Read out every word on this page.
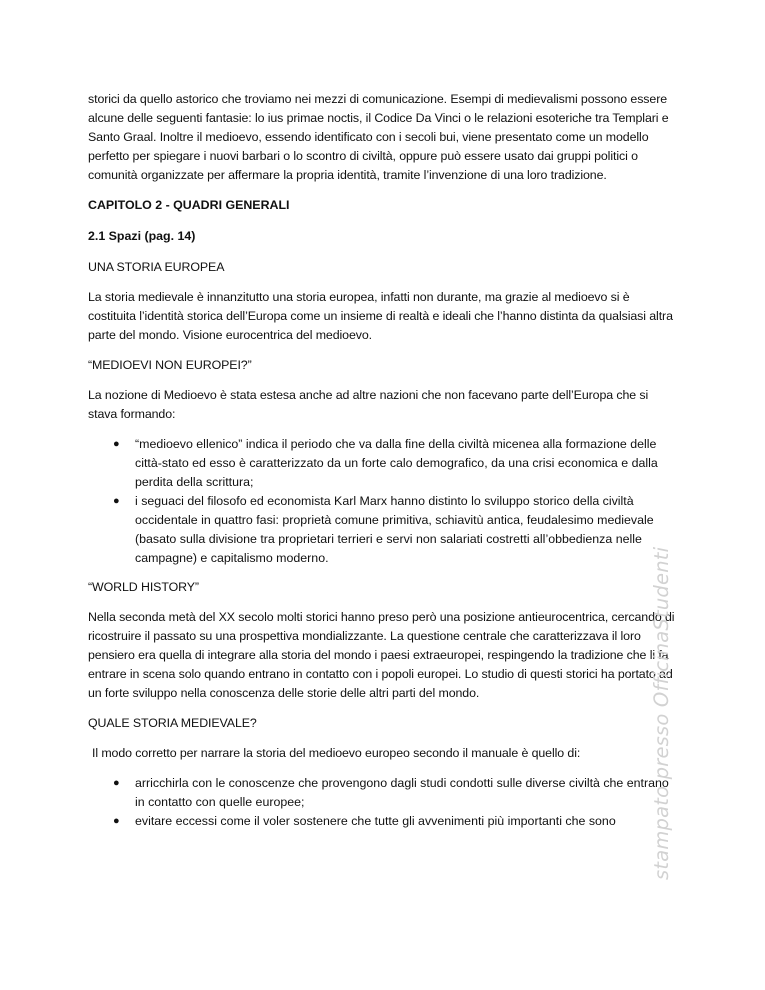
storici da quello astorico che troviamo nei mezzi di comunicazione. Esempi di medievalismi possono essere alcune delle seguenti fantasie: lo ius primae noctis, il Codice Da Vinci o le relazioni esoteriche tra Templari e Santo Graal. Inoltre il medioevo, essendo identificato con i secoli bui, viene presentato come un modello perfetto per spiegare i nuovi barbari o lo scontro di civiltà, oppure può essere usato dai gruppi politici o comunità organizzate per affermare la propria identità, tramite l’invenzione di una loro tradizione.

CAPITOLO 2 - QUADRI GENERALI

2.1 Spazi (pag. 14)

UNA STORIA EUROPEA

La storia medievale è innanzitutto una storia europea, infatti non durante, ma grazie al medioevo si è costituita l’identità storica dell’Europa come un insieme di realtà e ideali che l’hanno distinta da qualsiasi altra parte del mondo. Visione eurocentrica del medioevo.

“MEDIOEVI NON EUROPEI?”

La nozione di Medioevo è stata estesa anche ad altre nazioni che non facevano parte dell’Europa che si stava formando:

● “medioevo ellenico” indica il periodo che va dalla fine della civiltà micenea alla formazione delle città-stato ed esso è caratterizzato da un forte calo demografico, da una crisi economica e dalla perdita della scrittura;
● i seguaci del filosofo ed economista Karl Marx hanno distinto lo sviluppo storico della civiltà occidentale in quattro fasi: proprietà comune primitiva, schiavitù antica, feudalesimo medievale (basato sulla divisione tra proprietari terrieri e servi non salariati costretti all’obbedienza nelle campagne) e capitalismo moderno.

“WORLD HISTORY”

Nella seconda metà del XX secolo molti storici hanno preso però una posizione antieurocentrica, cercando di ricostruire il passato su una prospettiva mondializzante. La questione centrale che caratterizzava il loro pensiero era quella di integrare alla storia del mondo i paesi extraeuropei, respingendo la tradizione che li fa entrare in scena solo quando entrano in contatto con i popoli europei. Lo studio di questi storici ha portato ad un forte sviluppo nella conoscenza delle storie delle altri parti del mondo.

QUALE STORIA MEDIEVALE?

Il modo corretto per narrare la storia del medioevo europeo secondo il manuale è quello di:

● arricchirla con le conoscenze che provengono dagli studi condotti sulle diverse civiltà che entrano in contatto con quelle europee;
● evitare eccessi come il voler sostenere che tutte gli avvenimenti più importanti che sono	stampato presso OfficinaStudenti
